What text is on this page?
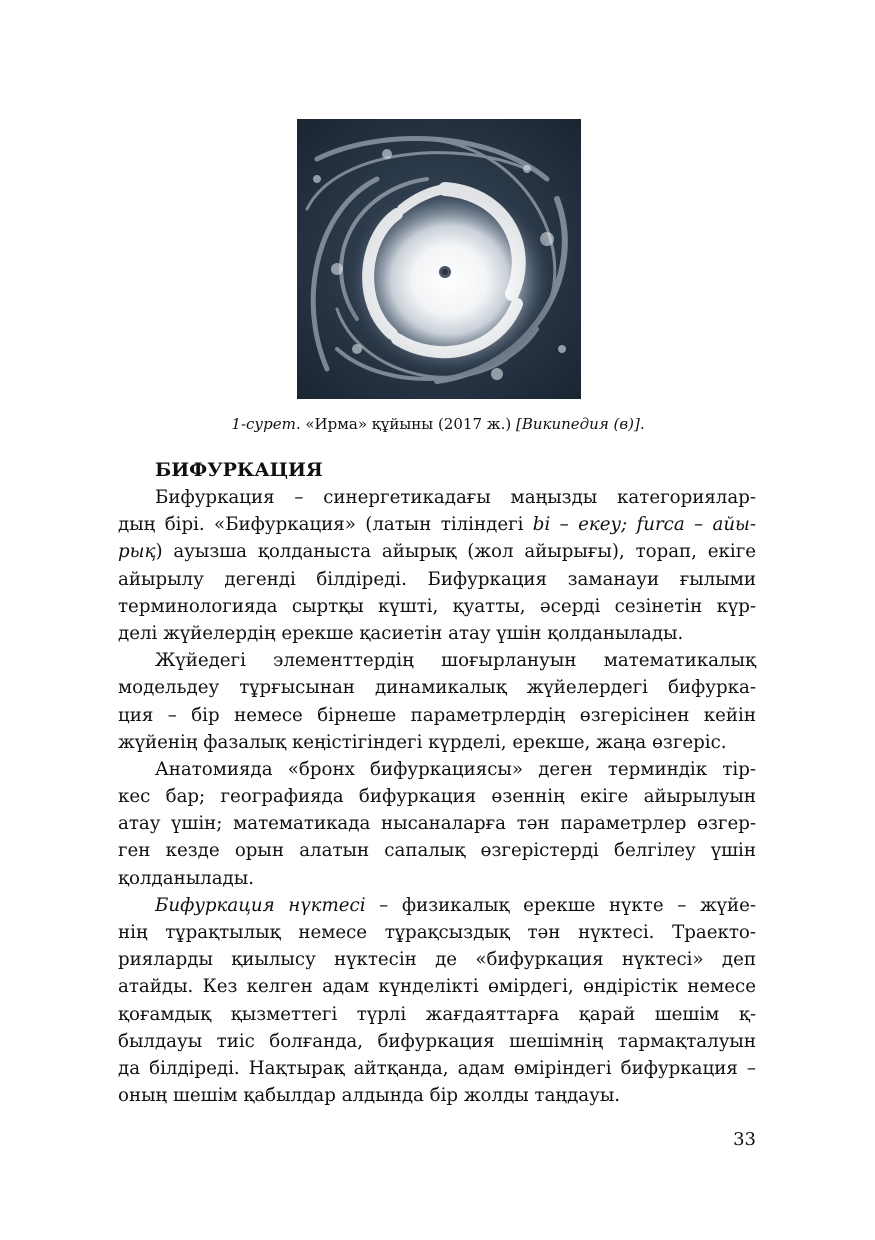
1-сурет. «Ирма» құйыны (2017 ж.) [Википедия (в)].
БИФУРКАЦИЯ
Бифуркация – синергетикадағы маңызды категориялар-
дың бірі. «Бифуркация» (латын тіліндегі bi – екеу; furca – айы-
рық) ауызша қолданыста айырық (жол айырығы), торап, екіге
айырылу дегенді білдіреді. Бифуркация заманауи ғылыми
терминологияда сыртқы күшті, қуатты, әсерді сезінетін күр-
делі жүйелердің ерекше қасиетін атау үшін қолданылады.
Жүйедегі элементтердің шоғырлануын математикалық
модельдеу тұрғысынан динамикалық жүйелердегі бифурка-
ция – бір немесе бірнеше параметрлердің өзгерісінен кейін
жүйенің фазалық кеңістігіндегі күрделі, ерекше, жаңа өзгеріс.
Анатомияда «бронх бифуркациясы» деген терминдік тір-
кес бар; географияда бифуркация өзеннің екіге айырылуын
атау үшін; математикада нысаналарға тән параметрлер өзгер-
ген кезде орын алатын сапалық өзгерістерді белгілеу үшін
қолданылады.
Бифуркация нүктесі – физикалық ерекше нүкте – жүйе-
нің тұрақтылық немесе тұрақсыздық тән нүктесі. Траекто-
рияларды қиылысу нүктесін де «бифуркация нүктесі» деп
атайды. Кез келген адам күнделікті өмірдегі, өндірістік немесе
қоғамдық қызметтегі түрлі жағдаяттарға қарай шешім қ-
былдауы тиіс болғанда, бифуркация шешімнің тармақталуын
да білдіреді. Нақтырақ айтқанда, адам өміріндегі бифуркация –
оның шешім қабылдар алдында бір жолды таңдауы.
33
